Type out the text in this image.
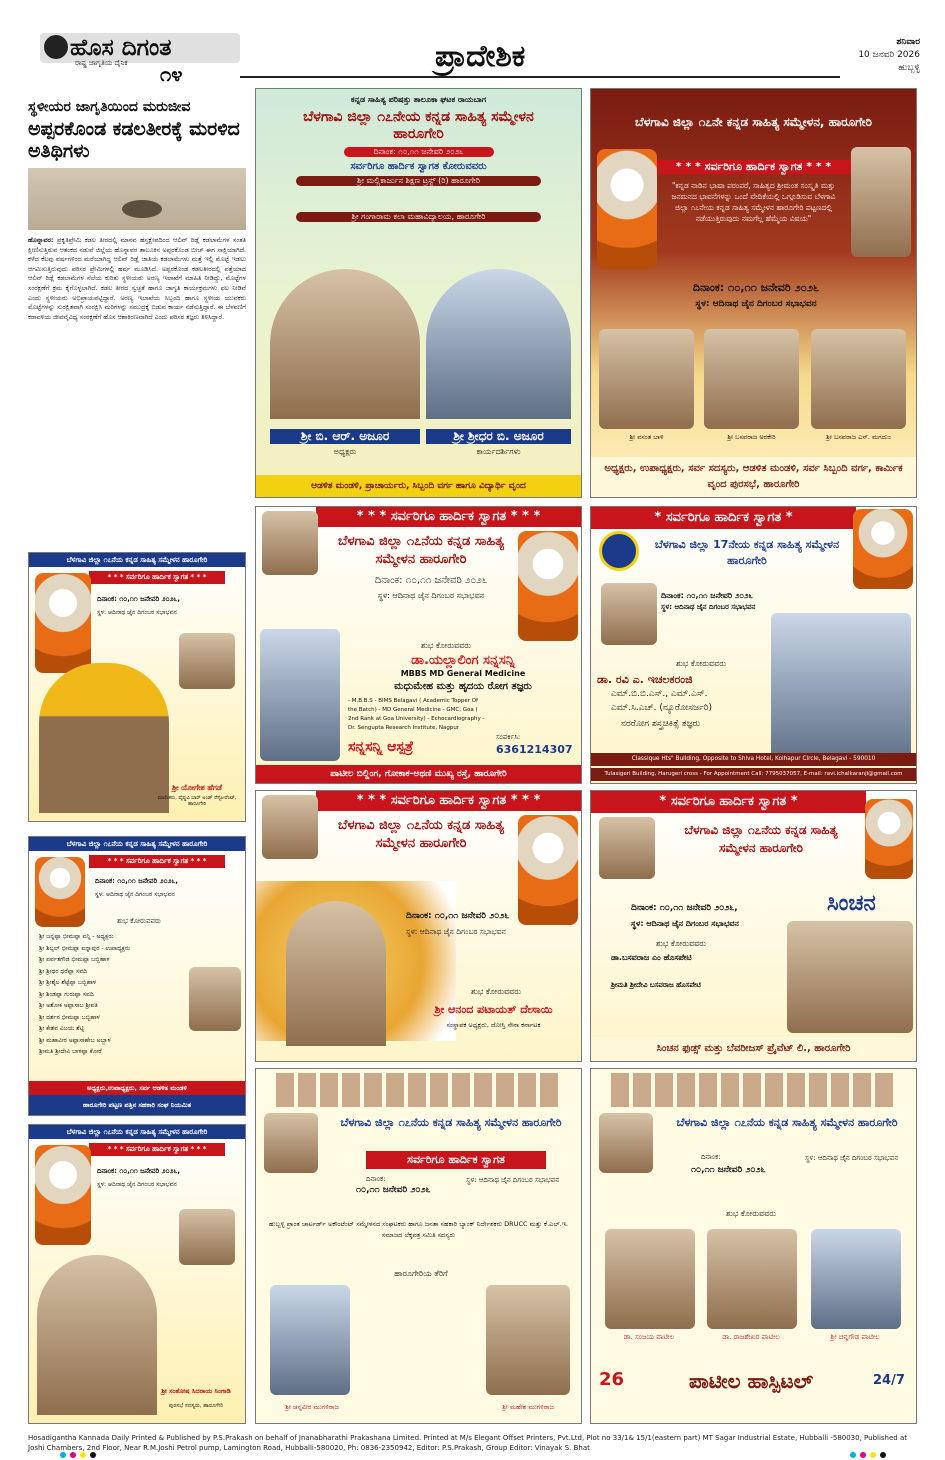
ಹೊಸ ದಿಗಂತ
ರಾಷ್ಟ್ರ ಜಾಗೃತಿಯ ದೈನಿಕ ೧೪	ಪ್ರಾದೇಶಿಕ	ಶನಿವಾರ
10 ಜನವರಿ 2026
ಹುಬ್ಬಳ್ಳಿ
ಸ್ಥಳೀಯರ ಜಾಗೃತಿಯಿಂದ ಮರುಜೀವ
ಅಪ್ಪರಕೊಂಡ ಕಡಲತೀರಕ್ಕೆ ಮರಳಿದ ಅತಿಥಿಗಳು
ಹೊನ್ನಾವರ: ಪ್ರಕೃತಿಪ್ರೇಮಿ ಕಡಲ ತೀರದಲ್ಲಿ ಮಾನವ ಹಸ್ತಕ್ಷೇಪದಿಂದ ಆಲಿವ್ ರಿಡ್ಲೆ ಕಡಲಾಮೆಗಳ ಸಂತತಿ ಕ್ಷೀಣಿಸುತ್ತಿರುವ ಆತಂಕದ ನಡುವೆ ಜಿಲ್ಲೆಯ ಹೊನ್ನಾವರ ತಾಲೂಕಿನ ಅಪ್ಪರಕೊಂಡ ಬೀಚ್ ಈಗ ಸಾಕ್ಷಿಯಾಗಿದೆ. ಕಳೆದ ಕೆಲವು ವರ್ಷಗಳಿಂದ ಮರೆಯಾಗಿದ್ದ ಆಲಿವ್ ರಿಡ್ಲೆ ಜಾತಿಯ ಕಡಲಾಮೆಗಳು ಮತ್ತೆ ಇಲ್ಲಿ ಮೊಟ್ಟೆ ಇಡಲು ಆಗಮಿಸುತ್ತಿರುವುದು ಪರಿಸರ ಪ್ರೇಮಿಗಳಲ್ಲಿ ಹರ್ಷ ಮೂಡಿಸಿದೆ. ಅಪ್ಪರಕೊಂಡ ಕಡಲತೀರದಲ್ಲಿ ಪತ್ತೆಯಾದ ಆಲಿವ್ ರಿಡ್ಲೆ ಕಡಲಾಮೆಗಳ ನೆಲೆಯ ಕುರಿತು ಸ್ಥಳೀಯರು ಅರಣ್ಯ ಇಲಾಖೆಗೆ ಮಾಹಿತಿ ನೀಡಿದ್ದು, ಮೊಟ್ಟೆಗಳ ಸಂರಕ್ಷಣೆಗೆ ಕ್ರಮ ಕೈಗೊಳ್ಳಲಾಗಿದೆ. ಕಡಲ ತೀರದ ಸ್ವಚ್ಛತೆ ಹಾಗೂ ಜಾಗೃತಿ ಕಾರ್ಯಕ್ರಮಗಳು ಫಲ ನೀಡಿವೆ ಎಂದು ಸ್ಥಳೀಯರು ಅಭಿಪ್ರಾಯಪಟ್ಟಿದ್ದಾರೆ. ಅರಣ್ಯ ಇಲಾಖೆಯ ಸಿಬ್ಬಂದಿ ಹಾಗೂ ಸ್ಥಳೀಯ ಯುವಕರು ಮೊಟ್ಟೆಗಳನ್ನು ಸುರಕ್ಷಿತವಾಗಿ ಸಂರಕ್ಷಿಸಿ ಮರಿಗಳನ್ನು ಸಮುದ್ರಕ್ಕೆ ಬಿಡುವ ಕಾರ್ಯ ನಡೆಸುತ್ತಿದ್ದಾರೆ. ಈ ಬೆಳವಣಿಗೆ ಕರಾವಳಿಯ ಜೀವವೈವಿಧ್ಯ ಸಂರಕ್ಷಣೆಗೆ ಹೊಸ ಆಶಾಕಿರಣವಾಗಿದೆ ಎಂದು ಪರಿಸರ ತಜ್ಞರು ತಿಳಿಸಿದ್ದಾರೆ.
ಕನ್ನಡ ಸಾಹಿತ್ಯ ಪರಿಷತ್ತು ತಾಲೂಕಾ ಘಟಕ ರಾಯಬಾಗ
ಬೆಳಗಾವಿ ಜಿಲ್ಲಾ ೧೭ನೇಯ ಕನ್ನಡ ಸಾಹಿತ್ಯ ಸಮ್ಮೇಳನ ಹಾರೂಗೇರಿ
ದಿನಾಂಕ: ೧೦,೧೧ ಜನೇವರಿ ೨೦೨೬
ಸರ್ವರಿಗೂ ಹಾರ್ದಿಕ ಸ್ವಾಗತ ಕೋರುವವರು
ಶ್ರೀ ಮಲ್ಲಿಕಾರ್ಜುನ ಶಿಕ್ಷಣ ಟ್ರಸ್ಟ್ (ರಿ) ಹಾರೂಗೇರಿ
ಶ್ರೀ ಗಂಗಾರಾಮ ಕಲಾ ಮಹಾವಿದ್ಯಾಲಯ, ಹಾರೂಗೇರಿ
ಶ್ರೀ ಬಿ. ಆರ್. ಅಜೂರ	ಶ್ರೀ ಶ್ರೀಧರ ಬಿ. ಅಜೂರ
ಅಧ್ಯಕ್ಷರು	ಕಾರ್ಯದರ್ಶಿಗಳು
ಆಡಳಿತ ಮಂಡಳಿ, ಪ್ರಾಚಾರ್ಯರು, ಸಿಬ್ಬಂದಿ ವರ್ಗ ಹಾಗೂ ವಿದ್ಯಾರ್ಥಿ ವೃಂದ
ಬೆಳಗಾವಿ ಜಿಲ್ಲಾ ೧೭ನೇ ಕನ್ನಡ ಸಾಹಿತ್ಯ ಸಮ್ಮೇಳನ, ಹಾರೂಗೇರಿ
* * * ಸರ್ವರಿಗೂ ಹಾರ್ದಿಕ ಸ್ವಾಗತ * * *
"ಕನ್ನಡ ನಾಡಿನ ಭಾಷಾ ಪರಂಪರೆ, ಸಾಹಿತ್ಯದ ಶ್ರೀಮಂತ ಸಂಸ್ಕೃತಿ ಮತ್ತು ಜನಮನದ ಭಾವನೆಗಳನ್ನು ಒಂದೆ ವೇದಿಕೆಯಲ್ಲಿ ಒಗ್ಗೂಡಿಸುವ ಬೆಳಗಾವಿ ಜಿಲ್ಲಾ ೧೭ನೇಯ ಕನ್ನಡ ಸಾಹಿತ್ಯ ಸಮ್ಮೇಳನ ಹಾರೂಗೇರಿ ಪಟ್ಟಣದಲ್ಲಿ ನಡೆಯುತ್ತಿರುವುದು ನಮಗೆಲ್ಲ ಹೆಮ್ಮೆಯ ವಿಷಯ"
ದಿನಾಂಕ: ೧೦,೧೧ ಜನೇವರಿ ೨೦೨೬
ಸ್ಥಳ: ಆದಿನಾಥ ಜೈನ ದಿಗಂಬರ ಸಭಾಭವನ
ಶ್ರೀ ವಸಂತ ಬಾಳಿ	ಶ್ರೀ ಬಸವರಾಜ ಅರಕೇರಿ	ಶ್ರೀ ಬಸವರಾಜ ಎಸ್. ಮಗದುಂ
ಅಧ್ಯಕ್ಷರು, ಉಪಾಧ್ಯಕ್ಷರು, ಸರ್ವ ಸದಸ್ಯರು, ಆಡಳಿತ ಮಂಡಳಿ, ಸರ್ವ ಸಿಬ್ಬಂದಿ ವರ್ಗ, ಕಾರ್ಮಿಕ ವೃಂದ ಪುರಸಭೆ, ಹಾರೂಗೇರಿ
* * * ಸರ್ವರಿಗೂ ಹಾರ್ದಿಕ ಸ್ವಾಗತ * * *
ಬೆಳಗಾವಿ ಜಿಲ್ಲಾ ೧೭ನೆಯ ಕನ್ನಡ ಸಾಹಿತ್ಯ ಸಮ್ಮೇಳನ ಹಾರೂಗೇರಿ
ದಿನಾಂಕ: ೧೦,೧೧ ಜನೇವರಿ ೨೦೨೬
ಸ್ಥಳ: ಆದಿನಾಥ ಜೈನ ದಿಗಂಬರ ಸಭಾಭವನ
ಶುಭ ಕೋರುವವರು
ಡಾ.ಯಲ್ಲಾಲಿಂಗ ಸನ್ನಸನ್ನಿ
MBBS MD General Medicine
ಮಧುಮೇಹ ಮತ್ತು ಹೃದಯ ರೋಗ ತಜ್ಞರು
- M.B.B.S - BIMS Belagavi ( Academic Topper Of the Batch) - MD General Medicine - GMC, Goa ( 2nd Rank at Goa University) - Echocardiography - Dr. Sengupta Research Institute, Nagpur
ಸನ್ನಸನ್ನಿ ಆಸ್ಪತ್ರೆ
ಸಂಪರ್ಕಿಸಿ:
6361214307
ಪಾಟೀಲ ಬಿಲ್ಡಿಂಗ, ಗೋಕಾಕ-ಅಥಣಿ ಮುಖ್ಯ ರಸ್ತೆ, ಹಾರೂಗೇರಿ
* ಸರ್ವರಿಗೂ ಹಾರ್ದಿಕ ಸ್ವಾಗತ *
ಬೆಳಗಾವಿ ಜಿಲ್ಲಾ 17ನೇಯ ಕನ್ನಡ ಸಾಹಿತ್ಯ ಸಮ್ಮೇಳನ ಹಾರೂಗೇರಿ
ದಿನಾಂಕ: ೧೦,೧೧ ಜನೇವರಿ ೨೦೨೬
ಸ್ಥಳ: ಆದಿನಾಥ ಜೈನ ದಿಗಂಬರ ಸಭಾಭವನ
ಶುಭ ಕೋರುವವರು
ಡಾ. ರವಿ ಎ. ಇಚಲಕರಂಜಿ
ಎಮ್.ಬಿ.ಬಿ.ಎಸ್., ಎಮ್.ಎಸ್.
ಎಮ್.ಸಿ.ಎಚ್. (ನ್ಯೂರೋಸರ್ಜರಿ)
ನರರೋಗ ಶಸ್ತ್ರಚಿಕಿತ್ಸೆ ತಜ್ಞರು
Classique Hts" Building, Opposite to Shiva Hotel, Kolhapur Circle, Belagavi - 590010
Tulasigeri Building, Harugeri cross - For Appointment Call: 7795037057, E-mail: ravi.ichalkaranji@gmail.com
* * * ಸರ್ವರಿಗೂ ಹಾರ್ದಿಕ ಸ್ವಾಗತ * * *
ಬೆಳಗಾವಿ ಜಿಲ್ಲಾ ೧೭ನೆಯ ಕನ್ನಡ ಸಾಹಿತ್ಯ ಸಮ್ಮೇಳನ ಹಾರೂಗೇರಿ
ದಿನಾಂಕ: ೧೦,೧೧ ಜನೇವರಿ ೨೦೨೬
ಸ್ಥಳ: ಆದಿನಾಥ ಜೈನ ದಿಗಂಬರ ಸಭಾಭವನ
ಶುಭ ಕೋರುವವರು
ಶ್ರೀ ಆನಂದ ಪಟಾಯತ್ ದೇಸಾಯಿ
ಸಂಸ್ಥಾಪಕ ಅಧ್ಯಕ್ಷರು, ದೋಸ್ತಿ ಸೇನಾ ಕರ್ನಾಟಕ
* ಸರ್ವರಿಗೂ ಹಾರ್ದಿಕ ಸ್ವಾಗತ *
ಬೆಳಗಾವಿ ಜಿಲ್ಲಾ ೧೭ನೆಯ ಕನ್ನಡ ಸಾಹಿತ್ಯ ಸಮ್ಮೇಳನ ಹಾರೂಗೇರಿ
ದಿನಾಂಕ: ೧೦,೧೧ ಜನೇವರಿ ೨೦೨೬,
ಸ್ಥಳ: ಆದಿನಾಥ ಜೈನ ದಿಗಂಬರ ಸಭಾಭವನ
ಶುಭ ಕೋರುವವರು
ಡಾ.ಬಸವರಾಜ ಎಂ ಹೊಸಪೇಟಿ
ಶ್ರೀಮತಿ ಶ್ರೀದೇವಿ ಬಸವರಾಜ ಹೊಸಪೇಟಿ
ಸಿಂಚನ
ಸಿಂಚನ ಫುಡ್ಸ್ ಮತ್ತು ಬೆವರೀಜಸ್ ಪ್ರೈವೆಟ್ ಲಿ., ಹಾರೂಗೇರಿ
ಬೆಳಗಾವಿ ಜಿಲ್ಲಾ ೧೭ನೆಯ ಕನ್ನಡ ಸಾಹಿತ್ಯ ಸಮ್ಮೇಳನ ಹಾರೂಗೇರಿ
ಸರ್ವರಿಗೂ ಹಾರ್ದಿಕ ಸ್ವಾಗತ
ದಿನಾಂಕ:
೧೦,೧೧ ಜನೇವರಿ ೨೦೨೬
ಸ್ಥಳ: ಆದಿನಾಥ ಜೈನ ದಿಗಂಬರ ಸಭಾಭವನ
ಹುಬ್ಬಳ್ಳಿ ಪ್ರಾಂತ ಚಾರ್ಟರ್ಡ್ ಅಕೌಂಟೆಂಟ್ ಸಮ್ಮೇಳನದ ಸಂಘಟಕರು ಹಾಗೂ ಜನತಾ ಸಹಕಾರಿ ಬ್ಯಾಂಕ್ ನಿರ್ದೇಶಕರು DRUCC ಮತ್ತು ಕೆ.ಎಲ್.ಇ. ಸಮಾಜದ ಲೆಕ್ಕಪತ್ರ ಸಮಿತಿ ಸದಸ್ಯರು
ಹಾರೂಗೇರಿಯ ತೆರಿಗೆ
ಶ್ರೀ ಚನ್ನವೀರ ಮುಗಳಿರಾಜ	ಶ್ರೀ ಮಹೇಶ ಮುಗಳಿರಾಜ
ಬೆಳಗಾವಿ ಜಿಲ್ಲಾ ೧೭ನೆಯ ಕನ್ನಡ ಸಾಹಿತ್ಯ ಸಮ್ಮೇಳನ ಹಾರೂಗೇರಿ
ದಿನಾಂಕ:
೧೦,೧೧ ಜನೇವರಿ ೨೦೨೬
ಸ್ಥಳ: ಆದಿನಾಥ ಜೈನ ದಿಗಂಬರ ಸಭಾಭವನ
ಶುಭ ಕೋರುವವರು
ಡಾ. ಸಂಜಯ ಪಾಟೀಲ	ಡಾ. ರಾಜಶೇಖರ ಪಾಟೀಲ	ಶ್ರೀ ಚನ್ನಗೌಡ ಪಾಟೀಲ
26	ಪಾಟೀಲ ಹಾಸ್ಪಿಟಲ್	24/7
ಬೆಳಗಾವಿ ಜಿಲ್ಲಾ ೧೭ನೆಯ ಕನ್ನಡ ಸಾಹಿತ್ಯ ಸಮ್ಮೇಳನ ಹಾರೂಗೇರಿ
* * * ಸರ್ವರಿಗೂ ಹಾರ್ದಿಕ ಸ್ವಾಗತ * * *
ದಿನಾಂಕ: ೧೦,೧೧ ಜನೇವರಿ ೨೦೨೬,
ಸ್ಥಳ: ಆದಿನಾಥ ಜೈನ ದಿಗಂಬರ ಸಭಾಭವನ
ಶ್ರೀ ಯೋಗೇಶ ಹೆಗಡೆ
ಮಾಲೀಕರು, ವೈಷ್ಣವಿ ಬಾರ್ ಅಂಡ್ ರೆಸ್ಟೋರೆಂಟ್, ಹಾರೂಗೇರಿ
ಬೆಳಗಾವಿ ಜಿಲ್ಲಾ ೧೭ನೆಯ ಕನ್ನಡ ಸಾಹಿತ್ಯ ಸಮ್ಮೇಳನ ಹಾರೂಗೇರಿ
* * * ಸರ್ವರಿಗೂ ಹಾರ್ದಿಕ ಸ್ವಾಗತ * * *
ದಿನಾಂಕ: ೧೦,೧೧ ಜನೇವರಿ ೨೦೨೬,
ಸ್ಥಳ: ಆದಿನಾಥ ಜೈನ ದಿಗಂಬರ ಸಭಾಭವನ
ಶುಭ ಕೋರುವವರು
ಶ್ರೀ ಜನ್ನಪ್ಪಾ ಭೀಮಪ್ಪಾ ಐನ್ನಿ - ಅಧ್ಯಕ್ಷರು
ಶ್ರೀ ಶಿಲ್ಪಲ್ ಭೀಮಪ್ಪಾ ಐನ್ನಾಪುರ - ಉಪಾಧ್ಯಕ್ಷರು
ಶ್ರೀ ಪರ್ವತಗೌಡ ಭೀಮಪ್ಪಾ ಬಬ್ಬಿಹಾಳ
ಶ್ರೀ ಶ್ರೀಧರ ಧರೆಪ್ಪಾ ಸವದಿ
ಶ್ರೀ ಶ್ರೀಶೈಲ ಶೆಟ್ಟೆಪ್ಪಾ ಬಬ್ಬಿಹಾಳ
ಶ್ರೀ ಶಿಂಡಪ್ಪಾ ಗುರುಪ್ಪಾ ಸವದಿ
ಶ್ರೀ ಅಶೋಕ ಅಪ್ಪಾಸಾಬ ಶ್ರೀಪತಿ
ಶ್ರೀ ದರ್ಶನ ಭೀಮಪ್ಪಾ ಬಬ್ಬಿಹಾಳ
ಶ್ರೀ ಕೇಶವ ವಿಜಯ ಶೆಟ್ಟಿ
ಶ್ರೀ ಮಹಾವೀರ ಅಪ್ಪಾಸಾಹೇಬ ಅಬ್ಬಾಳ
ಶ್ರೀಮತಿ ಶ್ರೀದೇವಿ ಬಾಳಪ್ಪಾ ಕೋರೆ
ಅಧ್ಯಕ್ಷರು,ಉಪಾಧ್ಯಕ್ಷರು, ಸರ್ವ ಆಡಳಿತ ಮಂಡಳಿ
ಹಾರೂಗೇರಿ ಪಟ್ಟಣ ಪತ್ತಿನ ಸಹಕಾರಿ ಸಂಘ ನಿಯಮಿತ
ಬೆಳಗಾವಿ ಜಿಲ್ಲಾ ೧೭ನೆಯ ಕನ್ನಡ ಸಾಹಿತ್ಯ ಸಮ್ಮೇಳನ ಹಾರೂಗೇರಿ
* * * ಸರ್ವರಿಗೂ ಹಾರ್ದಿಕ ಸ್ವಾಗತ * * *
ದಿನಾಂಕ: ೧೦,೧೧ ಜನೇವರಿ ೨೦೨೬,
ಸ್ಥಳ: ಆದಿನಾಥ ಜೈನ ದಿಗಂಬರ ಸಭಾಭವನ
ಶ್ರೀ ಸಂತೋಷ ಸಿದರಾಯ ಸಿಂಗಾಡಿ
ಪುರಸಭೆ ಸದಸ್ಯರು, ಹಾರೂಗೇರಿ
Hosadigantha Kannada Daily Printed & Published by P.S.Prakash on behalf of Jnanabharathi Prakashana Limited. Printed at M/s Elegant Offset Printers, Pvt.Ltd, Plot no 33/1& 15/1(eastern part) MT Sagar Industrial Estate, Hubballi -580030, Published at Joshi Chambers, 2nd Floor, Near R.M.Joshi Petrol pump, Lamington Road, Hubballi-580020, Ph: 0836-2350942, Editor: P.S.Prakash, Group Editor: Vinayak S. Bhat
